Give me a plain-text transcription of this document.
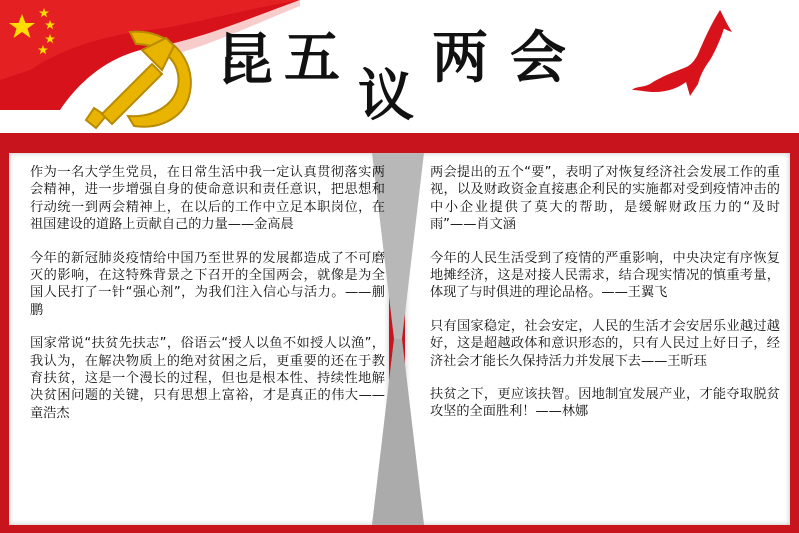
昆 五
议
两 会

作为一名大学生党员，在日常生活中我一定认真贯彻落实两会精神，进一步增强自身的使命意识和责任意识，把思想和行动统一到两会精神上，在以后的工作中立足本职岗位，在祖国建设的道路上贡献自己的力量——金高晨

今年的新冠肺炎疫情给中国乃至世界的发展都造成了不可磨灭的影响，在这特殊背景之下召开的全国两会，就像是为全国人民打了一针“强心剂”，为我们注入信心与活力。——蒯鹏

国家常说“扶贫先扶志”，俗语云“授人以鱼不如授人以渔”，我认为，在解决物质上的绝对贫困之后，更重要的还在于教育扶贫，这是一个漫长的过程，但也是根本性、持续性地解决贫困问题的关键，只有思想上富裕，才是真正的伟大——童浩杰

两会提出的五个“要”，表明了对恢复经济社会发展工作的重视，以及财政资金直接惠企利民的实施都对受到疫情冲击的中小企业提供了莫大的帮助，是缓解财政压力的“及时雨”——肖文涵

今年的人民生活受到了疫情的严重影响，中央决定有序恢复地摊经济，这是对接人民需求，结合现实情况的慎重考量，体现了与时俱进的理论品格。——王翼飞

只有国家稳定，社会安定，人民的生活才会安居乐业越过越好，这是超越政体和意识形态的，只有人民过上好日子，经济社会才能长久保持活力并发展下去——王昕珏

扶贫之下，更应该扶智。因地制宜发展产业，才能夺取脱贫攻坚的全面胜利！——林娜
